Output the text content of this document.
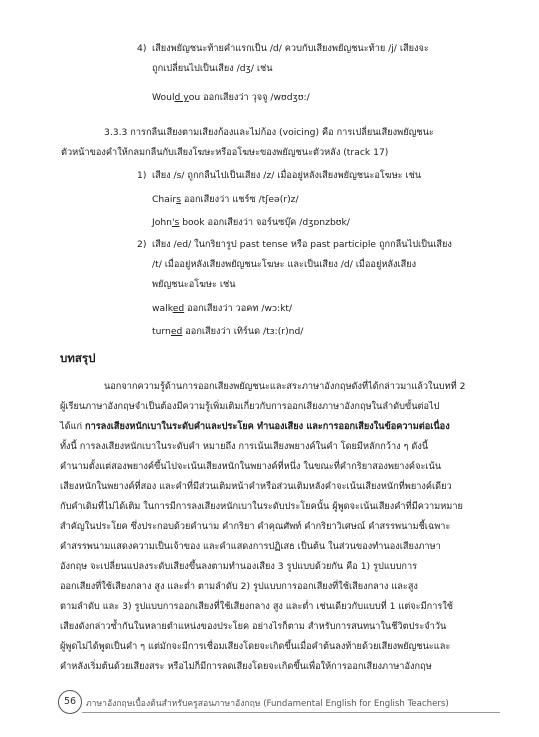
4) เสียงพยัญชนะท้ายคำแรกเป็น /d/ ควบกับเสียงพยัญชนะท้าย /j/ เสียงจะ
ถูกเปลี่ยนไปเป็นเสียง /dʒ/ เช่น
Would you ออกเสียงว่า วุจจู /wʊdʒʊ:/
3.3.3 การกลืนเสียงตามเสียงก้องและไม่ก้อง (voicing) คือ การเปลี่ยนเสียงพยัญชนะ
ตัวหน้าของคำให้กลมกลืนกับเสียงโฆษะหรืออโฆษะของพยัญชนะตัวหลัง (track 17)
1) เสียง /s/ ถูกกลืนไปเป็นเสียง /z/ เมื่ออยู่หลังเสียงพยัญชนะอโฆษะ เช่น
Chairs ออกเสียงว่า แชร์ซ /tʃeə(r)z/
John's book ออกเสียงว่า จอร์นซบุ๊ค /dʒɒnzbʊk/
2) เสียง /ed/ ในกริยารูป past tense หรือ past participle ถูกกลืนไปเป็นเสียง
/t/ เมื่ออยู่หลังเสียงพยัญชนะโฆษะ และเป็นเสียง /d/ เมื่ออยู่หลังเสียง
พยัญชนะอโฆษะ เช่น
walked ออกเสียงว่า วอคท /wɔ:kt/
turned ออกเสียงว่า เทิร์นด /tɜ:(r)nd/
บทสรุป
นอกจากความรู้ด้านการออกเสียงพยัญชนะและสระภาษาอังกฤษดังที่ได้กล่าวมาแล้วในบทที่ 2
ผู้เรียนภาษาอังกฤษจำเป็นต้องมีความรู้เพิ่มเติมเกี่ยวกับการออกเสียงภาษาอังกฤษในลำดับขั้นต่อไป
ได้แก่ การลงเสียงหนักเบาในระดับคำและประโยค ทำนองเสียง และการออกเสียงในข้อความต่อเนื่อง
ทั้งนี้ การลงเสียงหนักเบาในระดับคำ หมายถึง การเน้นเสียงพยางค์ในคำ โดยมีหลักกว้าง ๆ ดังนี้
คำนามตั้งแต่สองพยางค์ขึ้นไปจะเน้นเสียงหนักในพยางค์ที่หนึ่ง ในขณะที่คำกริยาสองพยางค์จะเน้น
เสียงหนักในพยางค์ที่สอง และคำที่มีส่วนเติมหน้าคำหรือส่วนเติมหลังคำจะเน้นเสียงหนักที่พยางค์เดียว
กับคำเดิมที่ไม่ได้เติม ในการมีการลงเสียงหนักเบาในระดับประโยคนั้น ผู้พูดจะเน้นเสียงคำที่มีความหมาย
สำคัญในประโยค ซึ่งประกอบด้วยคำนาม คำกริยา คำคุณศัพท์ คำกริยาวิเศษณ์ คำสรรพนามชี้เฉพาะ
คำสรรพนามแสดงความเป็นเจ้าของ และคำแสดงการปฏิเสธ เป็นต้น ในส่วนของทำนองเสียงภาษา
อังกฤษ จะเปลี่ยนแปลงระดับเสียงขึ้นลงตามทำนองเสียง 3 รูปแบบด้วยกัน คือ 1) รูปแบบการ
ออกเสียงที่ใช้เสียงกลาง สูง และต่ำ ตามลำดับ 2) รูปแบบการออกเสียงที่ใช้เสียงกลาง และสูง
ตามลำดับ และ 3) รูปแบบการออกเสียงที่ใช้เสียงกลาง สูง และต่ำ เช่นเดียวกับแบบที่ 1 แต่จะมีการใช้
เสียงดังกล่าวซ้ำกันในหลายตำแหน่งของประโยค อย่างไรก็ตาม สำหรับการสนทนาในชีวิตประจำวัน
ผู้พูดไม่ได้พูดเป็นคำ ๆ แต่มักจะมีการเชื่อมเสียงโดยจะเกิดขึ้นเมื่อคำต้นลงท้ายด้วยเสียงพยัญชนะและ
คำหลังเริ่มต้นด้วยเสียงสระ หรือไม่ก็มีการลดเสียงโดยจะเกิดขึ้นเพื่อให้การออกเสียงภาษาอังกฤษ
56	ภาษาอังกฤษเบื้องต้นสำหรับครูสอนภาษาอังกฤษ (Fundamental English for English Teachers)
